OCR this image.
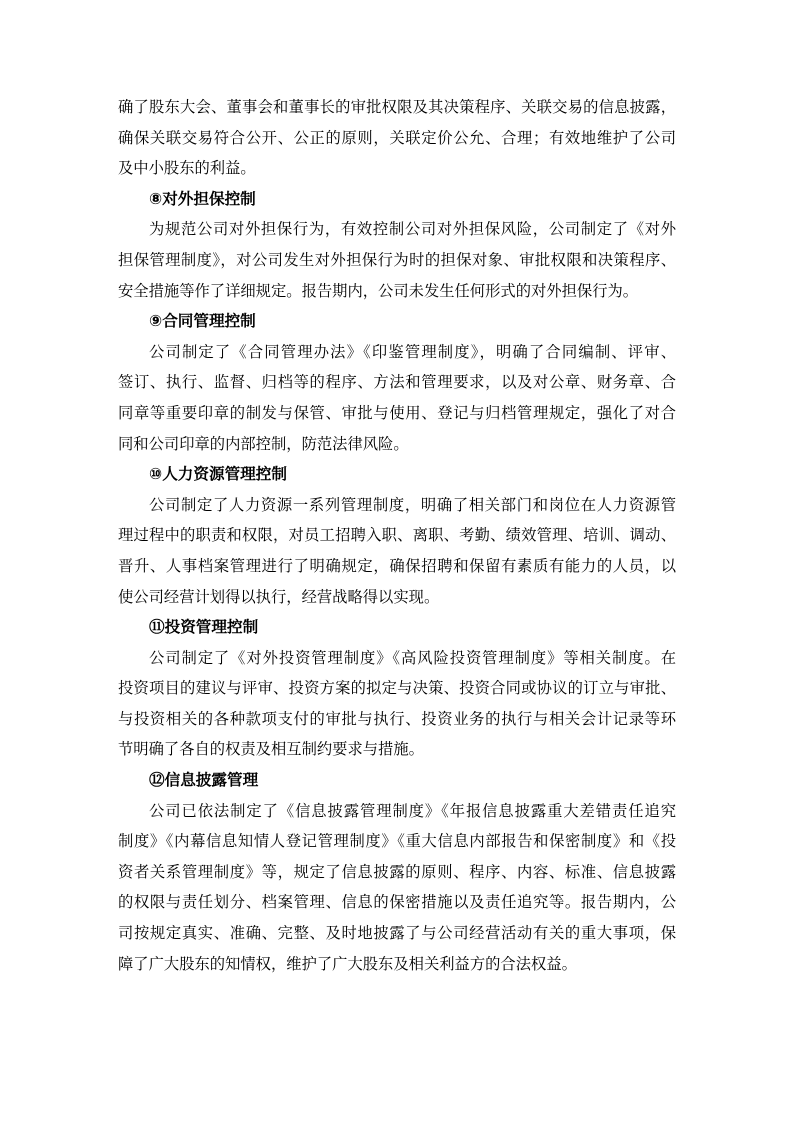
确了股东大会、董事会和董事长的审批权限及其决策程序、关联交易的信息披露，
确保关联交易符合公开、公正的原则，关联定价公允、合理；有效地维护了公司
及中小股东的利益。
⑧对外担保控制
为规范公司对外担保行为，有效控制公司对外担保风险，公司制定了《对外
担保管理制度》，对公司发生对外担保行为时的担保对象、审批权限和决策程序、
安全措施等作了详细规定。报告期内，公司未发生任何形式的对外担保行为。
⑨合同管理控制
公司制定了《合同管理办法》《印鉴管理制度》，明确了合同编制、评审、
签订、执行、监督、归档等的程序、方法和管理要求，以及对公章、财务章、合
同章等重要印章的制发与保管、审批与使用、登记与归档管理规定，强化了对合
同和公司印章的内部控制，防范法律风险。
⑩人力资源管理控制
公司制定了人力资源一系列管理制度，明确了相关部门和岗位在人力资源管
理过程中的职责和权限，对员工招聘入职、离职、考勤、绩效管理、培训、调动、
晋升、人事档案管理进行了明确规定，确保招聘和保留有素质有能力的人员，以
使公司经营计划得以执行，经营战略得以实现。
⑪投资管理控制
公司制定了《对外投资管理制度》《高风险投资管理制度》等相关制度。在
投资项目的建议与评审、投资方案的拟定与决策、投资合同或协议的订立与审批、
与投资相关的各种款项支付的审批与执行、投资业务的执行与相关会计记录等环
节明确了各自的权责及相互制约要求与措施。
⑫信息披露管理
公司已依法制定了《信息披露管理制度》《年报信息披露重大差错责任追究
制度》《内幕信息知情人登记管理制度》《重大信息内部报告和保密制度》和《投
资者关系管理制度》等，规定了信息披露的原则、程序、内容、标准、信息披露
的权限与责任划分、档案管理、信息的保密措施以及责任追究等。报告期内，公
司按规定真实、准确、完整、及时地披露了与公司经营活动有关的重大事项，保
障了广大股东的知情权，维护了广大股东及相关利益方的合法权益。
